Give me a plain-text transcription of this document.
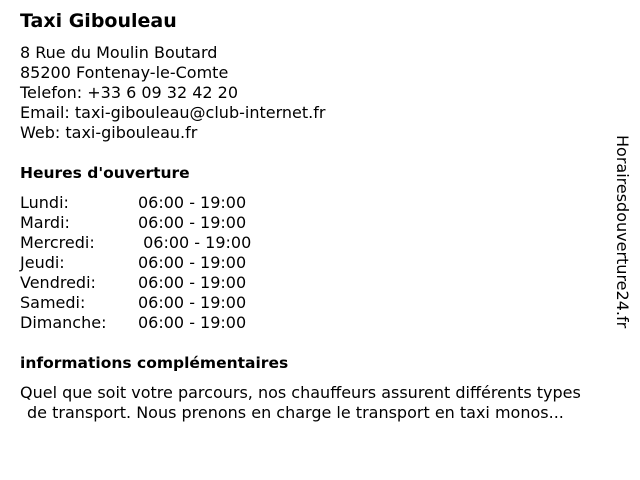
Taxi Gibouleau
8 Rue du Moulin Boutard
85200 Fontenay-le-Comte
Telefon: +33 6 09 32 42 20
Email: taxi-gibouleau@club-internet.fr
Web: taxi-gibouleau.fr
Heures d'ouverture
Lundi:	06:00 - 19:00
Mardi:	06:00 - 19:00
Mercredi:	06:00 - 19:00
Jeudi:	06:00 - 19:00
Vendredi:	06:00 - 19:00
Samedi:	06:00 - 19:00
Dimanche:	06:00 - 19:00
informations complémentaires
Quel que soit votre parcours, nos chauffeurs assurent différents types
de transport. Nous prenons en charge le transport en taxi monos...
Horairesdouverture24.fr
